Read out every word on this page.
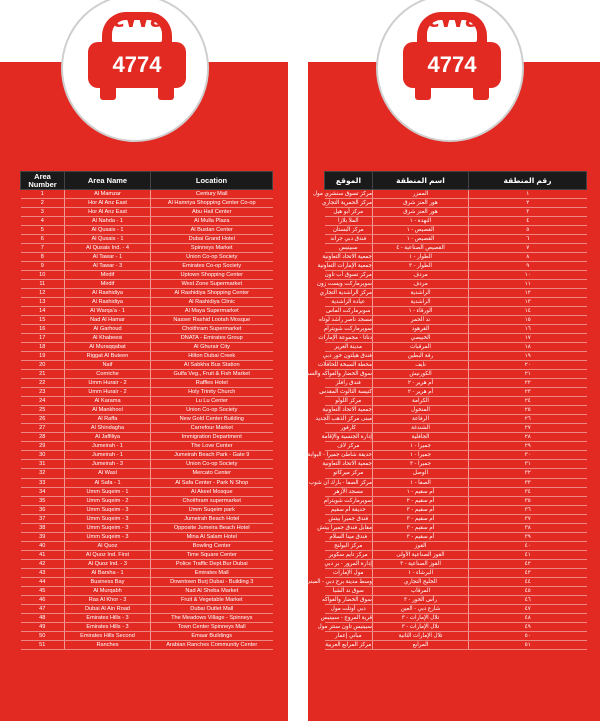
٤٧٧٤
4774
٤٧٧٤
4774
Area Number	Area Name	Location
1	Al Mamzar	Century Mall
2	Hor Al Anz East	Al Hamriya Shopping Center Co-op
3	Hor Al Anz East	Abu Hail Center
4	Al Nahda - 1	Al Mulla Plaza
5	Al Qusais - 1	Al Bustan Center
6	Al Qusais - 1	Dubai Grand Hotel
7	Al Qusais Ind. - 4	Spinneys Market
8	Al Tawar - 1	Union Co-op Society
9	Al Tawar - 3	Emirates Co-op Society
10	Mirdif	Uptown Shopping Center
11	Mirdif	West Zone Supermarket
12	Al Rashidiya	Al Rashidiya Shopping Center
13	Al Rashidiya	Al Rashidiya Clinic
14	Al Warqa'a - 1	Al Maya Supermarket
15	Nad Al Hamar	Nasser Rashid Lootah Mosque
16	Al Garhoud	Choithram Supermarket
17	Al Khabeesi	DNATA - Emirates Group
18	Al Muraqqabat	Al Ghurair City
19	Riggat Al Buteen	Hilton Dubai Creek
20	Naif	Al Sabkha Bus Station
21	Corniche	Gulfa Veg., Fruit & Fish Market
22	Umm Hurair - 2	Raffles Hotel
23	Umm Hurair - 2	Holy Trinity Church
24	Al Karama	Lu Lu Center
25	Al Mankhool	Union Co-op Society
26	Al Raffa	New Gold Center Building
27	Al Shindagha	Carrefour Market
28	Al Jaffiliya	Immigration Department
29	Jumeirah - 1	The Love Center
30	Jumeirah - 1	Jumeirah Beach Park - Gate 9
31	Jumeirah - 3	Union Co-op Society
32	Al Wasl	Mercato Center
33	Al Safa - 1	Al Safa Center - Park N Shop
34	Umm Suqeim - 1	Al Akeel Mosque
35	Umm Suqeim - 2	Choithram supermarket
36	Umm Suqeim - 3	Umm Suqeim park
37	Umm Suqeim - 3	Jumeirah Beach Hotel
38	Umm Suqeim - 3	Opposite Jumeira Beach Hotel
39	Umm Suqeim - 3	Mina Al Salam Hotel
40	Al Quoz	Bowling Center
41	Al Quoz Ind. First	Time Square Center
42	Al Quoz Ind. - 3	Police Traffic Dept.Bur Dubai
43	Al Barsha - 1	Emirates Mall
44	Business Bay	Downtown Burj Dubai - Building 3
45	Al Murqabh	Nad Al Sheba Market
46	Ras Al Khor - 3	Fruit & Vegetable Market
47	Dubai Al Ain Road	Dubai Outlet Mall
48	Emirates Hills - 3	The Meadows Village - Spinneys
49	Emirates Hills - 3	Town Center Spinneys Mall
50	Emirates Hills Second	Emaar Buildings
51	Ranches	Arabian Ranches Community Center
الموقع	اسم المنطقة	رقم المنطقة
مركز تسوق سنشري مول	الممزر	١
مركز الحمرية التجاري	هور العنز شرق	٢
مركز أبو هيل	هور العنز شرق	٣
الملا بلازا	النهدة - ١	٤
مركز البستان	القصيص - ١	٥
فندق دبي جراند	القصيص - ١	٦
سبينيس	القصيص الصناعية - ٤	٧
جمعية الاتحاد التعاونية	الطوار - ١	٨
جمعية الإمارات التعاونية	الطوار - ٣	٩
مركز تسوق أب تاون	مردف	١٠
سوبرماركت ويست زون	مردف	١١
مركز الراشدية التجاري	الراشدية	١٢
عيادة الراشدية	الراشدية	١٣
سوبرماركت الماس	الورقاء - ١	١٤
مسجد ناصر راشد لوتاه	ند الحمر	١٥
سوبرماركت شويترام	القرهود	١٦
دناتا - مجموعة الإمارات	الخبيصي	١٧
مدينة الغرير	المرقبات	١٨
فندق هيلتون خور دبي	رقة البطين	١٩
محطة السبخة للحافلات	نايف	٢٠
سوق الخضار والفواكه والسمك	الكورنيش	٢١
فندق رافلز	أم هرير - ٢	٢٢
كنيسة الثالوث المقدس	أم هرير - ٢	٢٣
مركز اللولو	الكرامة	٢٤
جمعية الاتحاد التعاونية	المنخول	٢٥
مبنى مركز الذهب الجديد	الرفاعة	٢٦
كارفور	الشندغة	٢٧
إدارة الجنسية والإقامة	الجافلية	٢٨
مركز لاف	جميرا - ١	٢٩
حديقة شاطئ جميرا - البوابة ٩	جميرا - ١	٣٠
جمعية الاتحاد التعاونية	جميرا - ٣	٣١
مركز ميركاتو	الوصل	٣٢
مركز الصفا - بارك ان شوب	الصفا - ١	٣٣
مسجد الأزهر	أم سقيم - ١	٣٤
سوبرماركت شويترام	أم سقيم - ٢	٣٥
حديقة أم سقيم	أم سقيم - ٣	٣٦
فندق جميرا بيتش	أم سقيم - ٣	٣٧
مقابل فندق جميرا بيتش	أم سقيم - ٣	٣٨
فندق مينا السلام	أم سقيم - ٣	٣٩
مركز البولنج	القوز	٤٠
مركز تايم سكوير	القوز الصناعية الأولى	٤١
إدارة المرور - بر دبي	القوز الصناعية - ٣	٤٢
مول الإمارات	البرشاء - ١	٤٣
وسط مدينة برج دبي - المبنى ٣	الخليج التجاري	٤٤
سوق ند الشبا	المرقاب	٤٥
سوق الخضار والفواكه	رأس الخور - ٣	٤٦
دبي أوتلت مول	شارع دبي - العين	٤٧
قرية المروج - سبينيس	تلال الإمارات - ٣	٤٨
سبينيس تاون سنتر مول	تلال الإمارات - ٣	٤٩
مباني إعمار	تلال الإمارات الثانية	٥٠
مركز المرابع العربية	المرابع	٥١
